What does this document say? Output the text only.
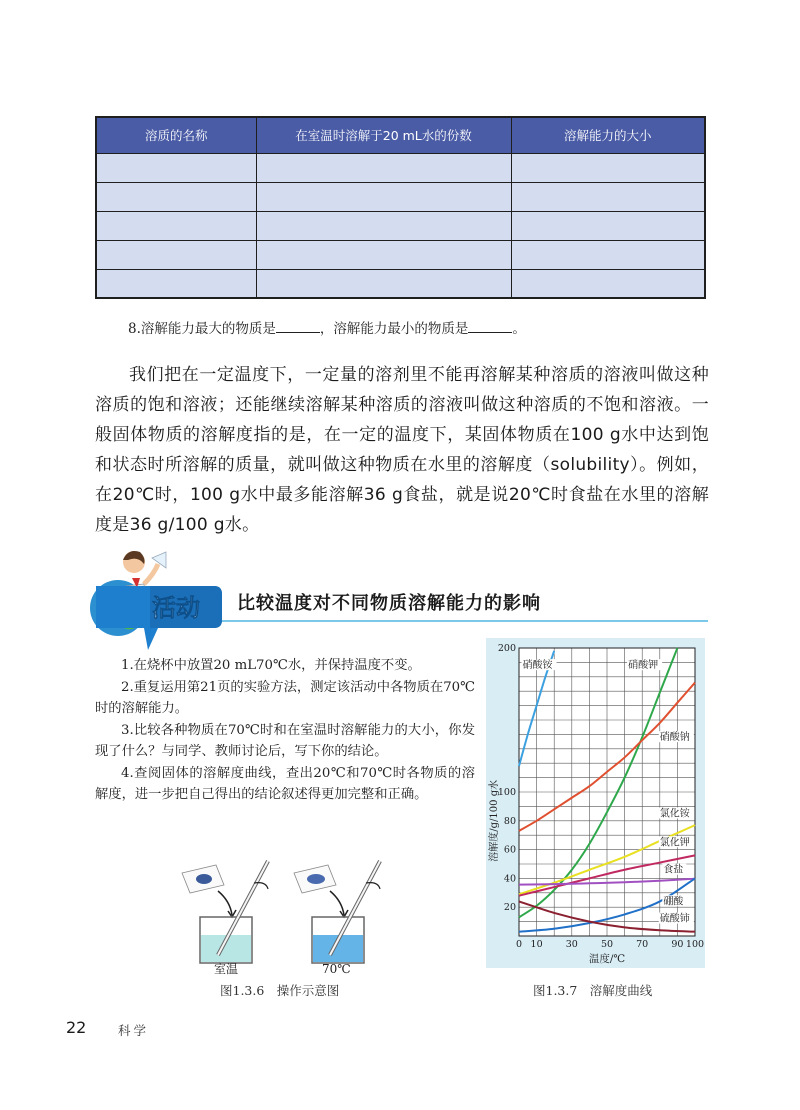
溶质的名称	在室温时溶解于20 mL水的份数	溶解能力的大小

8.溶解能力最大的物质是	，溶解能力最小的物质是	。

我们把在一定温度下，一定量的溶剂里不能再溶解某种溶质的溶液叫做这种溶质的饱和溶液；还能继续溶解某种溶质的溶液叫做这种溶质的不饱和溶液。一般固体物质的溶解度指的是，在一定的温度下，某固体物质在100 g水中达到饱和状态时所溶解的质量，就叫做这种物质在水里的溶解度（solubility）。例如，在20℃时，100 g水中最多能溶解36 g食盐，就是说20℃时食盐在水里的溶解度是36 g/100 g水。

活动 比较温度对不同物质溶解能力的影响

1.在烧杯中放置20 mL70℃水，并保持温度不变。

2.重复运用第21页的实验方法，测定该活动中各物质在70℃时的溶解能力。

3.比较各种物质在70℃时和在室温时溶解能力的大小，你发现了什么？与同学、教师讨论后，写下你的结论。

4.查阅固体的溶解度曲线，查出20℃和70℃时各物质的溶解度，进一步把自己得出的结论叙述得更加完整和正确。

室温	70℃
图1.3.6　操作示意图
硝酸铵	硝酸钾
硝酸钠
氯化铵
氯化钾
食盐
硼酸
硫酸铈
0 10 30 50 70 90 100
20
40
60
80
100
200
温度/℃
溶解度/g/100 g水
图1.3.7　溶解度曲线
22	科学
